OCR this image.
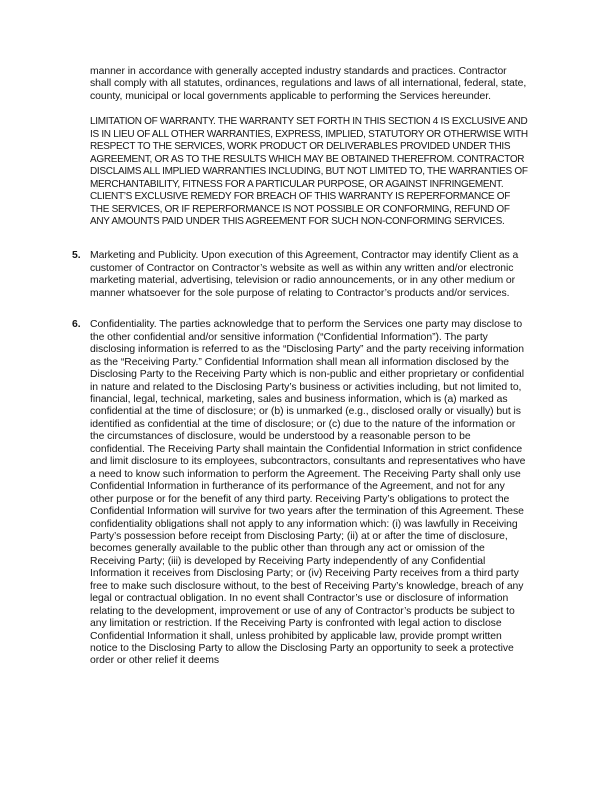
manner in accordance with generally accepted industry standards and practices. Contractor shall comply with all statutes, ordinances, regulations and laws of all international, federal, state, county, municipal or local governments applicable to performing the Services hereunder.

LIMITATION OF WARRANTY. THE WARRANTY SET FORTH IN THIS SECTION 4 IS EXCLUSIVE AND IS IN LIEU OF ALL OTHER WARRANTIES, EXPRESS, IMPLIED, STATUTORY OR OTHERWISE WITH RESPECT TO THE SERVICES, WORK PRODUCT OR DELIVERABLES PROVIDED UNDER THIS AGREEMENT, OR AS TO THE RESULTS WHICH MAY BE OBTAINED THEREFROM. CONTRACTOR DISCLAIMS ALL IMPLIED WARRANTIES INCLUDING, BUT NOT LIMITED TO, THE WARRANTIES OF MERCHANTABILITY, FITNESS FOR A PARTICULAR PURPOSE, OR AGAINST INFRINGEMENT. CLIENT’S EXCLUSIVE REMEDY FOR BREACH OF THIS WARRANTY IS REPERFORMANCE OF THE SERVICES, OR IF REPERFORMANCE IS NOT POSSIBLE OR CONFORMING, REFUND OF ANY AMOUNTS PAID UNDER THIS AGREEMENT FOR SUCH NON-CONFORMING SERVICES.

5. Marketing and Publicity. Upon execution of this Agreement, Contractor may identify Client as a customer of Contractor on Contractor’s website as well as within any written and/or electronic marketing material, advertising, television or radio announcements, or in any other medium or manner whatsoever for the sole purpose of relating to Contractor’s products and/or services.

6. Confidentiality. The parties acknowledge that to perform the Services one party may disclose to the other confidential and/or sensitive information (“Confidential Information”). The party disclosing information is referred to as the “Disclosing Party” and the party receiving information as the “Receiving Party.” Confidential Information shall mean all information disclosed by the Disclosing Party to the Receiving Party which is non-public and either proprietary or confidential in nature and related to the Disclosing Party’s business or activities including, but not limited to, financial, legal, technical, marketing, sales and business information, which is (a) marked as confidential at the time of disclosure; or (b) is unmarked (e.g., disclosed orally or visually) but is identified as confidential at the time of disclosure; or (c) due to the nature of the information or the circumstances of disclosure, would be understood by a reasonable person to be confidential. The Receiving Party shall maintain the Confidential Information in strict confidence and limit disclosure to its employees, subcontractors, consultants and representatives who have a need to know such information to perform the Agreement. The Receiving Party shall only use Confidential Information in furtherance of its performance of the Agreement, and not for any other purpose or for the benefit of any third party. Receiving Party’s obligations to protect the Confidential Information will survive for two years after the termination of this Agreement. These confidentiality obligations shall not apply to any information which: (i) was lawfully in Receiving Party’s possession before receipt from Disclosing Party; (ii) at or after the time of disclosure, becomes generally available to the public other than through any act or omission of the Receiving Party; (iii) is developed by Receiving Party independently of any Confidential Information it receives from Disclosing Party; or (iv) Receiving Party receives from a third party free to make such disclosure without, to the best of Receiving Party’s knowledge, breach of any legal or contractual obligation. In no event shall Contractor’s use or disclosure of information relating to the development, improvement or use of any of Contractor’s products be subject to any limitation or restriction. If the Receiving Party is confronted with legal action to disclose Confidential Information it shall, unless prohibited by applicable law, provide prompt written notice to the Disclosing Party to allow the Disclosing Party an opportunity to seek a protective order or other relief it deems
